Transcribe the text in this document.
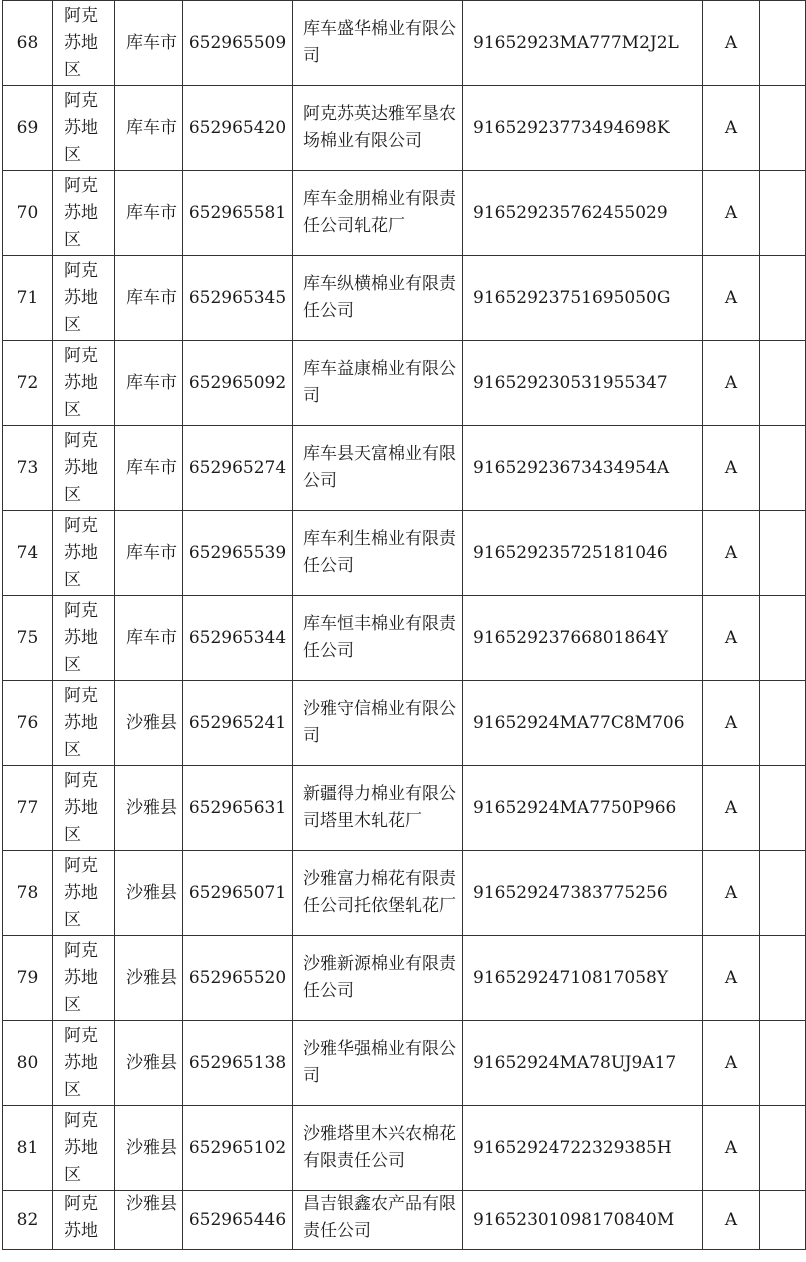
68	阿克苏地区	库车市	652965509	库车盛华棉业有限公司	91652923MA777M2J2L	A	
69	阿克苏地区	库车市	652965420	阿克苏英达雅军垦农场棉业有限公司	91652923773494698K	A	
70	阿克苏地区	库车市	652965581	库车金朋棉业有限责任公司轧花厂	916529235762455029	A	
71	阿克苏地区	库车市	652965345	库车纵横棉业有限责任公司	91652923751695050G	A	
72	阿克苏地区	库车市	652965092	库车益康棉业有限公司	916529230531955347	A	
73	阿克苏地区	库车市	652965274	库车县天富棉业有限公司	91652923673434954A	A	
74	阿克苏地区	库车市	652965539	库车利生棉业有限责任公司	916529235725181046	A	
75	阿克苏地区	库车市	652965344	库车恒丰棉业有限责任公司	91652923766801864Y	A	
76	阿克苏地区	沙雅县	652965241	沙雅守信棉业有限公司	91652924MA77C8M706	A	
77	阿克苏地区	沙雅县	652965631	新疆得力棉业有限公司塔里木轧花厂	91652924MA7750P966	A	
78	阿克苏地区	沙雅县	652965071	沙雅富力棉花有限责任公司托依堡轧花厂	916529247383775256	A	
79	阿克苏地区	沙雅县	652965520	沙雅新源棉业有限责任公司	91652924710817058Y	A	
80	阿克苏地区	沙雅县	652965138	沙雅华强棉业有限公司	91652924MA78UJ9A17	A	
81	阿克苏地区	沙雅县	652965102	沙雅塔里木兴农棉花有限责任公司	91652924722329385H	A	
82	阿克苏地	沙雅县	652965446	昌吉银鑫农产品有限责任公司	91652301098170840M	A	
